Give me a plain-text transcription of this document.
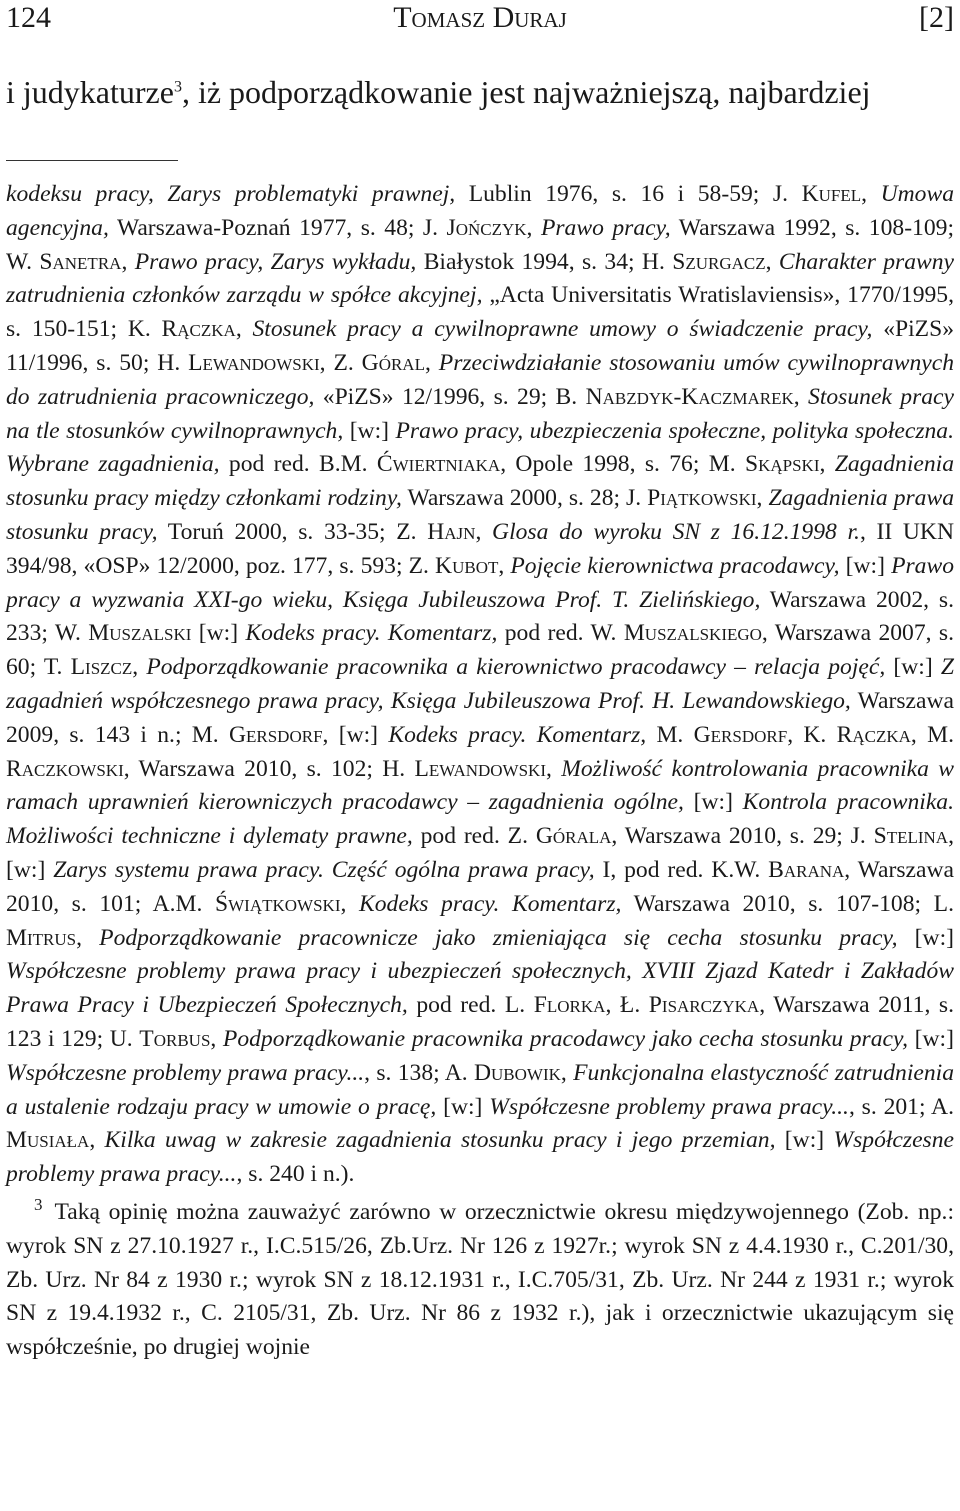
124	Tomasz Duraj	[2]
i judykaturze$^3$, iż podporządkowanie jest najważniejszą, najbardziej

kodeksu pracy, Zarys problematyki prawnej, Lublin 1976, s. 16 i 58-59; J. Kufel, Umowa agencyjna, Warszawa-Poznań 1977, s. 48; J. Jończyk, Prawo pracy, Warszawa 1992, s. 108-109; W. Sanetra, Prawo pracy, Zarys wykładu, Białystok 1994, s. 34; H. Szurgacz, Charakter prawny zatrudnienia członków zarządu w spółce akcyjnej, „Acta Universitatis Wratislaviensis», 1770/1995, s. 150-151; K. Rączka, Stosunek pracy a cywilnoprawne umowy o świadczenie pracy, «PiZS» 11/1996, s. 50; H. Lewandowski, Z. Góral, Przeciwdziałanie stosowaniu umów cywilnoprawnych do zatrudnienia pracowniczego, «PiZS» 12/1996, s. 29; B. Nabzdyk-Kaczmarek, Stosunek pracy na tle stosunków cywilnoprawnych, [w:] Prawo pracy, ubezpieczenia społeczne, polityka społeczna. Wybrane zagadnienia, pod red. B.M. Ćwiertniaka, Opole 1998, s. 76; M. Skąpski, Zagadnienia stosunku pracy między członkami rodziny, Warszawa 2000, s. 28; J. Piątkowski, Zagadnienia prawa stosunku pracy, Toruń 2000, s. 33-35; Z. Hajn, Glosa do wyroku SN z 16.12.1998 r., II UKN 394/98, «OSP» 12/2000, poz. 177, s. 593; Z. Kubot, Pojęcie kierownictwa pracodawcy, [w:] Prawo pracy a wyzwania XXI-go wieku, Księga Jubileuszowa Prof. T. Zielińskiego, Warszawa 2002, s. 233; W. Muszalski [w:] Kodeks pracy. Komentarz, pod red. W. Muszalskiego, Warszawa 2007, s. 60; T. Liszcz, Podporządkowanie pracownika a kierownictwo pracodawcy – relacja pojęć, [w:] Z zagadnień współczesnego prawa pracy, Księga Jubileuszowa Prof. H. Lewandowskiego, Warszawa 2009, s. 143 i n.; M. Gersdorf, [w:] Kodeks pracy. Komentarz, M. Gersdorf, K. Rączka, M. Raczkowski, Warszawa 2010, s. 102; H. Lewandowski, Możliwość kontrolowania pracownika w ramach uprawnień kierowniczych pracodawcy – zagadnienia ogólne, [w:] Kontrola pracownika. Możliwości techniczne i dylematy prawne, pod red. Z. Górala, Warszawa 2010, s. 29; J. Stelina, [w:] Zarys systemu prawa pracy. Część ogólna prawa pracy, I, pod red. K.W. Barana, Warszawa 2010, s. 101; A.M. Świątkowski, Kodeks pracy. Komentarz, Warszawa 2010, s. 107-108; L. Mitrus, Podporządkowanie pracownicze jako zmieniająca się cecha stosunku pracy, [w:] Współczesne problemy prawa pracy i ubezpieczeń społecznych, XVIII Zjazd Katedr i Zakładów Prawa Pracy i Ubezpieczeń Społecznych, pod red. L. Florka, Ł. Pisarczyka, Warszawa 2011, s. 123 i 129; U. Torbus, Podporządkowanie pracownika pracodawcy jako cecha stosunku pracy, [w:] Współczesne problemy prawa pracy..., s. 138; A. Dubowik, Funkcjonalna elastyczność zatrudnienia a ustalenie rodzaju pracy w umowie o pracę, [w:] Współczesne problemy prawa pracy..., s. 201; A. Musiała, Kilka uwag w zakresie zagadnienia stosunku pracy i jego przemian, [w:] Współczesne problemy prawa pracy..., s. 240 i n.).

$^3$ Taką opinię można zauważyć zarówno w orzecznictwie okresu międzywojennego (Zob. np.: wyrok SN z 27.10.1927 r., I.C.515/26, Zb.Urz. Nr 126 z 1927r.; wyrok SN z 4.4.1930 r., C.201/30, Zb. Urz. Nr 84 z 1930 r.; wyrok SN z 18.12.1931 r., I.C.705/31, Zb. Urz. Nr 244 z 1931 r.; wyrok SN z 19.4.1932 r., C. 2105/31, Zb. Urz. Nr 86 z 1932 r.), jak i orzecznictwie ukazującym się współcześnie, po drugiej wojnie
